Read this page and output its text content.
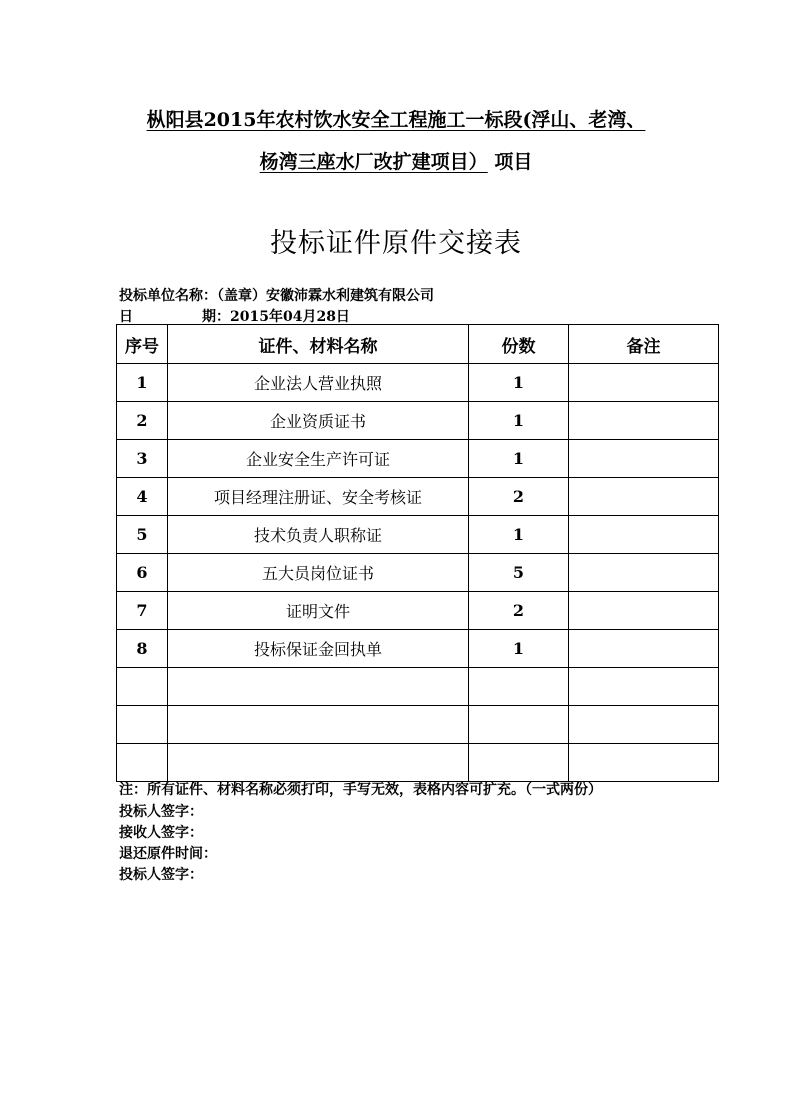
枞阳县2015年农村饮水安全工程施工一标段(浮山、老湾、
杨湾三座水厂改扩建项目） 项目
投标证件原件交接表
投标单位名称：（盖章）安徽沛霖水利建筑有限公司
日	期：2015年04月28日
序号	证件、材料名称	份数	备注
1	企业法人营业执照	1	
2	企业资质证书	1	
3	企业安全生产许可证	1	
4	项目经理注册证、安全考核证	2	
5	技术负责人职称证	1	
6	五大员岗位证书	5	
7	证明文件	2	
8	投标保证金回执单	1	

注：所有证件、材料名称必须打印，手写无效，表格内容可扩充。（一式两份）
投标人签字：
接收人签字：
退还原件时间：
投标人签字：
